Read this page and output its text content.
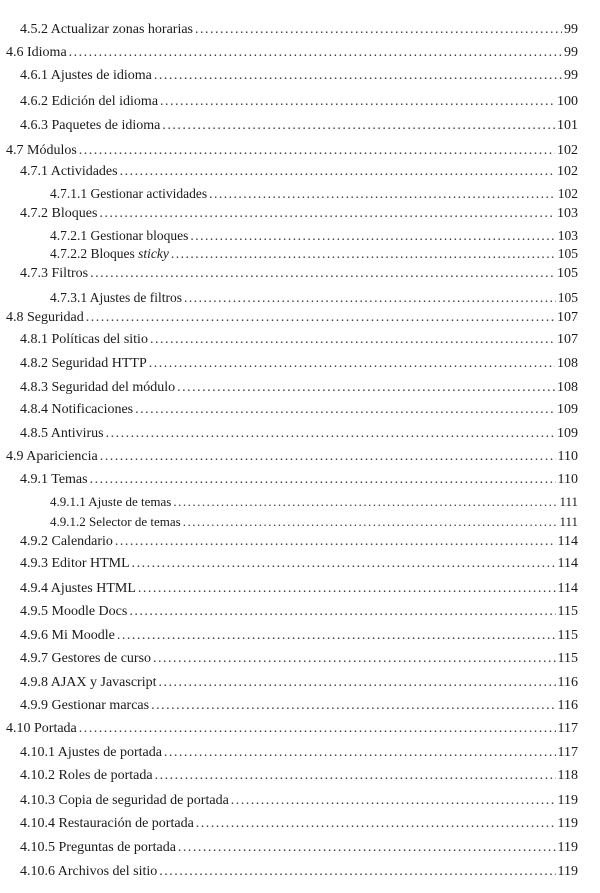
4.5.2 Actualizar zonas horarias .....	99
4.6 Idioma .....	99
4.6.1 Ajustes de idioma .....	99
4.6.2 Edición del idioma .....	100
4.6.3 Paquetes de idioma .....	101
4.7 Módulos .....	102
4.7.1 Actividades .....	102
4.7.1.1 Gestionar actividades .....	102
4.7.2 Bloques .....	103
4.7.2.1 Gestionar bloques .....	103
4.7.2.2 Bloques sticky .....	105
4.7.3 Filtros .....	105
4.7.3.1 Ajustes de filtros .....	105
4.8 Seguridad .....	107
4.8.1 Políticas del sitio .....	107
4.8.2 Seguridad HTTP .....	108
4.8.3 Seguridad del módulo .....	108
4.8.4 Notificaciones .....	109
4.8.5 Antivirus .....	109
4.9 Apariciencia .....	110
4.9.1 Temas .....	110
4.9.1.1 Ajuste de temas .....	111
4.9.1.2 Selector de temas .....	111
4.9.2 Calendario .....	114
4.9.3 Editor HTML .....	114
4.9.4 Ajustes HTML .....	114
4.9.5 Moodle Docs .....	115
4.9.6 Mi Moodle .....	115
4.9.7 Gestores de curso .....	115
4.9.8 AJAX y Javascript .....	116
4.9.9 Gestionar marcas .....	116
4.10 Portada .....	117
4.10.1 Ajustes de portada .....	117
4.10.2 Roles de portada .....	118
4.10.3 Copia de seguridad de portada .....	119
4.10.4 Restauración de portada .....	119
4.10.5 Preguntas de portada .....	119
4.10.6 Archivos del sitio .....	119
